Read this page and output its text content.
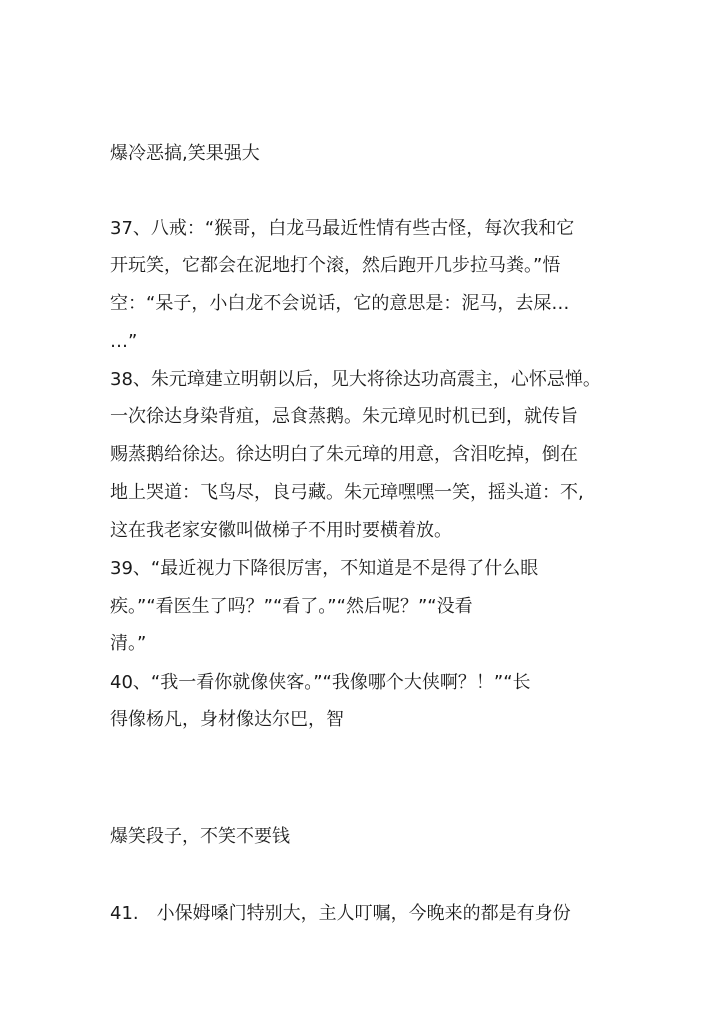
爆冷恶搞,笑果强大
37、八戒：“猴哥，白龙马最近性情有些古怪，每次我和它
开玩笑，它都会在泥地打个滚，然后跑开几步拉马粪。”悟
空：“呆子，小白龙不会说话，它的意思是：泥马，去屎…
…”
38、朱元璋建立明朝以后，见大将徐达功高震主，心怀忌惮。
一次徐达身染背疽，忌食蒸鹅。朱元璋见时机已到，就传旨
赐蒸鹅给徐达。徐达明白了朱元璋的用意，含泪吃掉，倒在
地上哭道：飞鸟尽，良弓藏。朱元璋嘿嘿一笑，摇头道：不,
这在我老家安徽叫做梯子不用时要横着放。
39、“最近视力下降很厉害，不知道是不是得了什么眼
疾。”“看医生了吗？”“看了。”“然后呢？”“没看
清。”
40、“我一看你就像侠客。”“我像哪个大侠啊？！”“长
得像杨凡，身材像达尔巴，智
爆笑段子，不笑不要钱
41.　小保姆嗓门特别大，主人叮嘱，今晚来的都是有身份
